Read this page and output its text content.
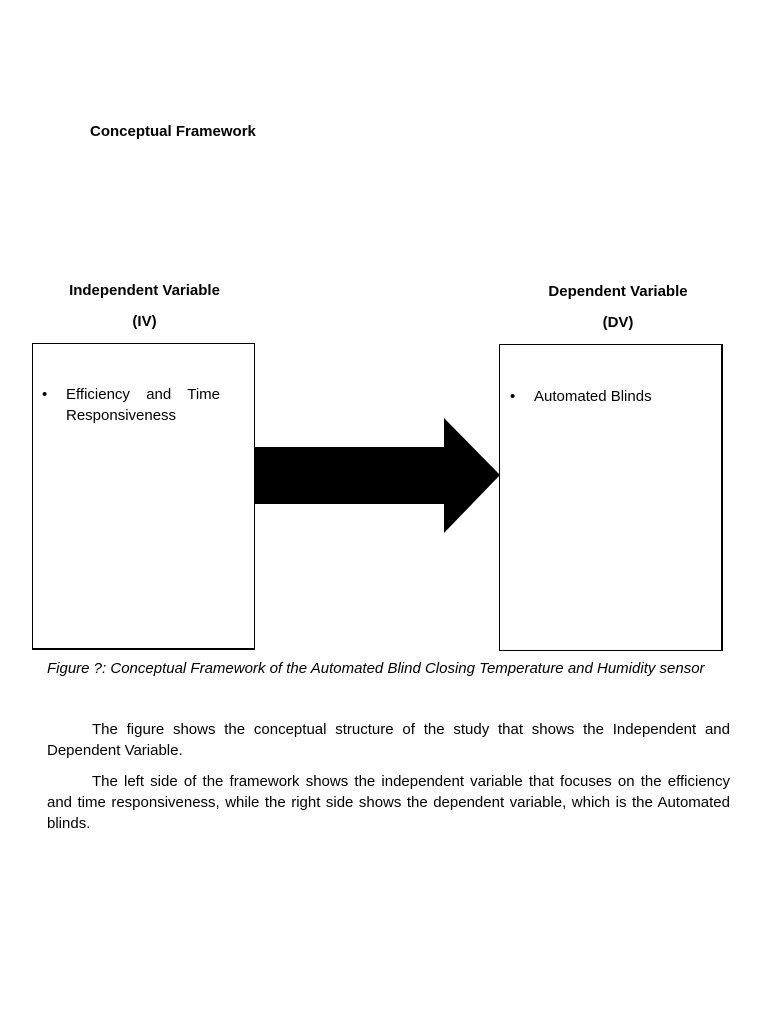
Conceptual Framework
Independent Variable
(IV)
• Efficiency and Time Responsiveness
Dependent Variable
(DV)
• Automated Blinds
Figure ?: Conceptual Framework of the Automated Blind Closing Temperature and Humidity sensor

The figure shows the conceptual structure of the study that shows the Independent and Dependent Variable.

The left side of the framework shows the independent variable that focuses on the efficiency and time responsiveness, while the right side shows the dependent variable, which is the Automated blinds.
